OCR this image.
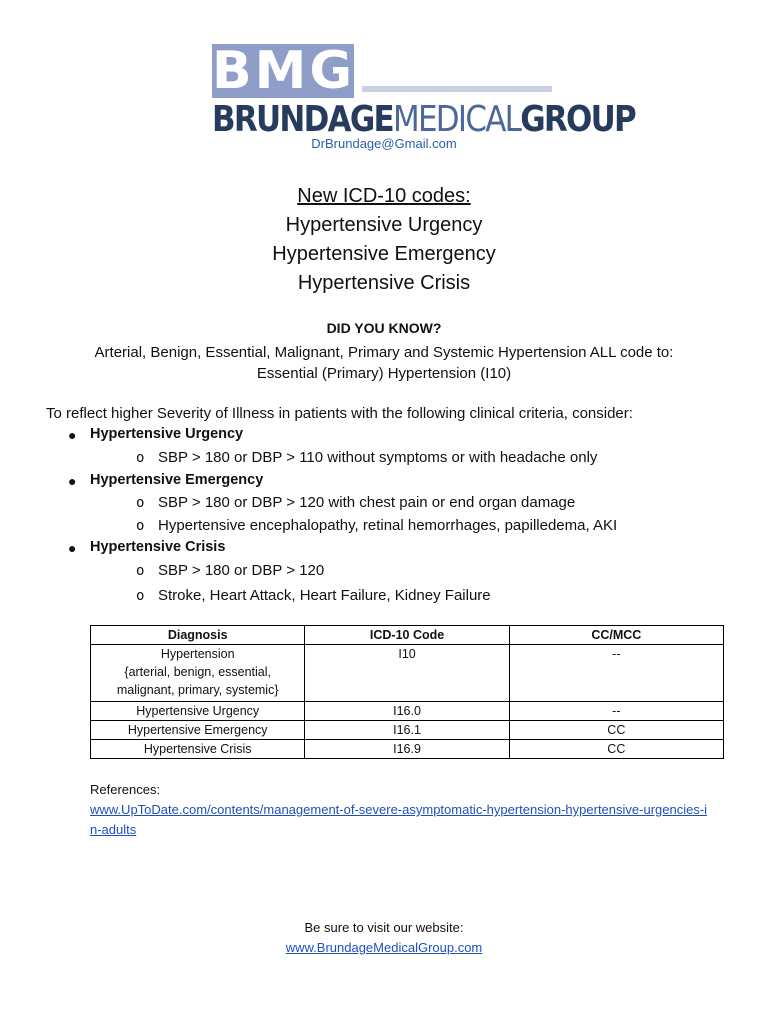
BMG
BRUNDAGEMEDICALGROUP
DrBrundage@Gmail.com
New ICD-10 codes:
Hypertensive Urgency
Hypertensive Emergency
Hypertensive Crisis
DID YOU KNOW?
Arterial, Benign, Essential, Malignant, Primary and Systemic Hypertension ALL code to:
Essential (Primary) Hypertension (I10)
To reflect higher Severity of Illness in patients with the following clinical criteria, consider:
● Hypertensive Urgency
o SBP > 180 or DBP > 110 without symptoms or with headache only
● Hypertensive Emergency
o SBP > 180 or DBP > 120 with chest pain or end organ damage
o Hypertensive encephalopathy, retinal hemorrhages, papilledema, AKI
● Hypertensive Crisis
o SBP > 180 or DBP > 120
o Stroke, Heart Attack, Heart Failure, Kidney Failure
Diagnosis	ICD-10 Code	CC/MCC

Hypertension
{arterial, benign, essential,
malignant, primary, systemic}	I10	--
Hypertensive Urgency	I16.0	--
Hypertensive Emergency	I16.1	CC
Hypertensive Crisis	I16.9	CC
References:
www.UpToDate.com/contents/management-of-severe-asymptomatic-hypertension-hypertensive-urgencies-in-adults
Be sure to visit our website:
www.BrundageMedicalGroup.com
